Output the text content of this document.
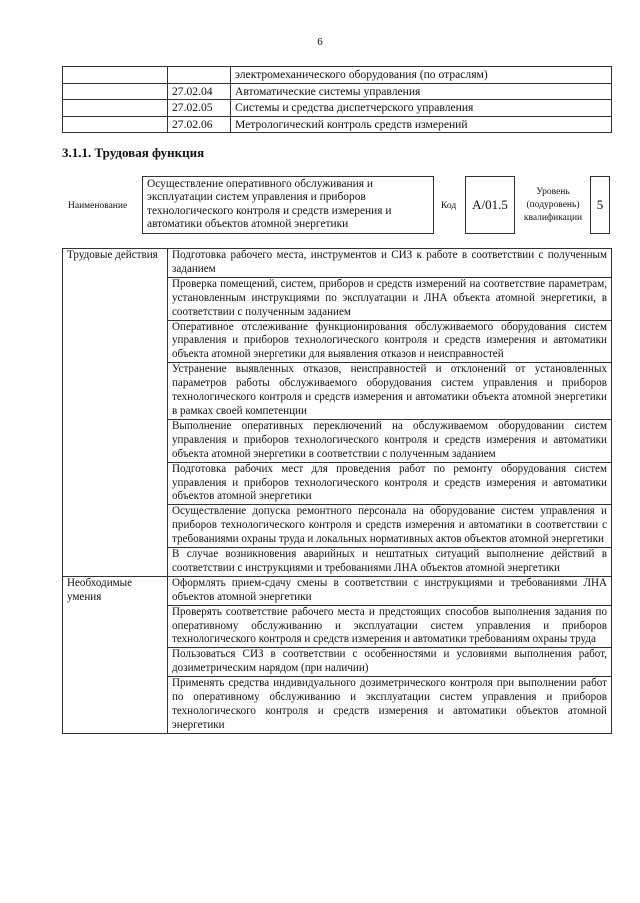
6
		электромеханического оборудования (по отраслям)
	27.02.04	Автоматические системы управления
	27.02.05	Системы и средства диспетчерского управления
	27.02.06	Метрологический контроль средств измерений
3.1.1. Трудовая функция
Наименование
Осуществление оперативного обслуживания и эксплуатации систем управления и приборов технологического контроля и средств измерения и автоматики объектов атомной энергетики
Код A/01.5
Уровень (подуровень) квалификации
5
Трудовые действия	Подготовка рабочего места, инструментов и СИЗ к работе в соответствии с полученным заданием
	Проверка помещений, систем, приборов и средств измерений на соответствие параметрам, установленным инструкциями по эксплуатации и ЛНА объекта атомной энергетики, в соответствии с полученным заданием
	Оперативное отслеживание функционирования обслуживаемого оборудования систем управления и приборов технологического контроля и средств измерения и автоматики объекта атомной энергетики для выявления отказов и неисправностей
	Устранение выявленных отказов, неисправностей и отклонений от установленных параметров работы обслуживаемого оборудования систем управления и приборов технологического контроля и средств измерения и автоматики объекта атомной энергетики в рамках своей компетенции
	Выполнение оперативных переключений на обслуживаемом оборудовании систем управления и приборов технологического контроля и средств измерения и автоматики объекта атомной энергетики в соответствии с полученным заданием
	Подготовка рабочих мест для проведения работ по ремонту оборудования систем управления и приборов технологического контроля и средств измерения и автоматики объектов атомной энергетики
	Осуществление допуска ремонтного персонала на оборудование систем управления и приборов технологического контроля и средств измерения и автоматики в соответствии с требованиями охраны труда и локальных нормативных актов объектов атомной энергетики
	В случае возникновения аварийных и нештатных ситуаций выполнение действий в соответствии с инструкциями и требованиями ЛНА объектов атомной энергетики
Необходимые умения	Оформлять прием-сдачу смены в соответствии с инструкциями и требованиями ЛНА объектов атомной энергетики
	Проверять соответствие рабочего места и предстоящих способов выполнения задания по оперативному обслуживанию и эксплуатации систем управления и приборов технологического контроля и средств измерения и автоматики требованиям охраны труда
	Пользоваться СИЗ в соответствии с особенностями и условиями выполнения работ, дозиметрическим нарядом (при наличии)
	Применять средства индивидуального дозиметрического контроля при выполнении работ по оперативному обслуживанию и эксплуатации систем управления и приборов технологического контроля и средств измерения и автоматики объектов атомной энергетики
